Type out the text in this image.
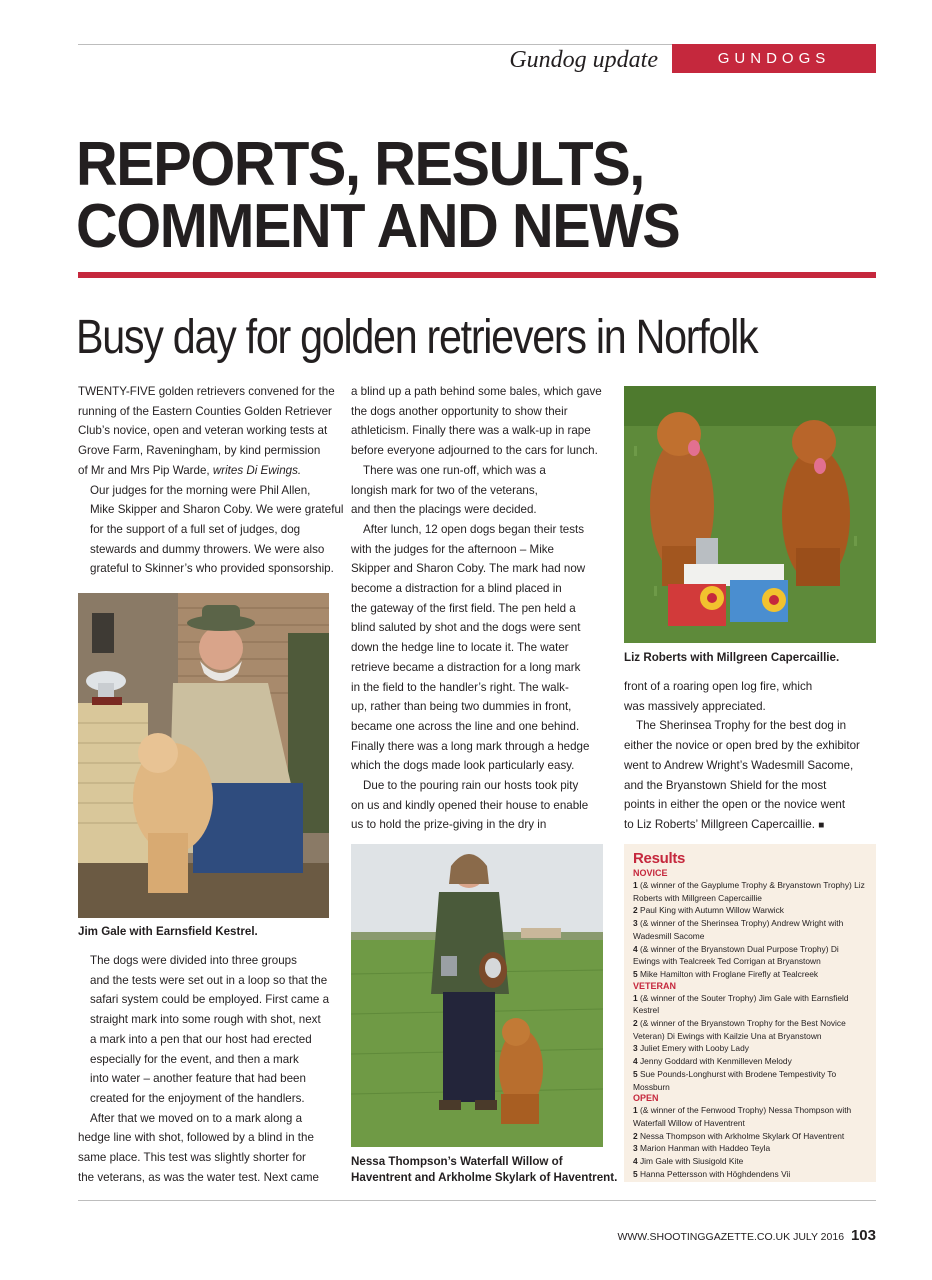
Gundog update	GUNDOGS
REPORTS, RESULTS,
COMMENT AND NEWS
Busy day for golden retrievers in Norfolk

TWENTY-FIVE golden retrievers convened for the
running of the Eastern Counties Golden Retriever
Club’s novice, open and veteran working tests at
Grove Farm, Raveningham, by kind permission
of Mr and Mrs Pip Warde, writes Di Ewings.

Our judges for the morning were Phil Allen,
Mike Skipper and Sharon Coby. We were grateful
for the support of a full set of judges, dog
stewards and dummy throwers. We were also
grateful to Skinner’s who provided sponsorship.

Jim Gale with Earnsfield Kestrel.

The dogs were divided into three groups
and the tests were set out in a loop so that the
safari system could be employed. First came a
straight mark into some rough with shot, next
a mark into a pen that our host had erected
especially for the event, and then a mark
into water – another feature that had been
created for the enjoyment of the handlers.

After that we moved on to a mark along a
hedge line with shot, followed by a blind in the
same place. This test was slightly shorter for
the veterans, as was the water test. Next came

a blind up a path behind some bales, which gave
the dogs another opportunity to show their
athleticism. Finally there was a walk-up in rape
before everyone adjourned to the cars for lunch.

There was one run-off, which was a
longish mark for two of the veterans,
and then the placings were decided.

After lunch, 12 open dogs began their tests
with the judges for the afternoon – Mike
Skipper and Sharon Coby. The mark had now
become a distraction for a blind placed in
the gateway of the first field. The pen held a
blind saluted by shot and the dogs were sent
down the hedge line to locate it. The water
retrieve became a distraction for a long mark
in the field to the handler’s right. The walk-
up, rather than being two dummies in front,
became one across the line and one behind.
Finally there was a long mark through a hedge
which the dogs made look particularly easy.

Due to the pouring rain our hosts took pity
on us and kindly opened their house to enable
us to hold the prize-giving in the dry in

Nessa Thompson’s Waterfall Willow of
Haventrent and Arkholme Skylark of Haventrent.
Liz Roberts with Millgreen Capercaillie.

front of a roaring open log fire, which
was massively appreciated.

The Sherinsea Trophy for the best dog in
either the novice or open bred by the exhibitor
went to Andrew Wright’s Wadesmill Sacome,
and the Bryanstown Shield for the most
points in either the open or the novice went
to Liz Roberts’ Millgreen Capercaillie. ■

Results
NOVICE
1 (& winner of the Gayplume Trophy & Bryanstown Trophy) Liz Roberts with Millgreen Capercaillie
2 Paul King with Autumn Willow Warwick
3 (& winner of the Sherinsea Trophy) Andrew Wright with Wadesmill Sacome
4 (& winner of the Bryanstown Dual Purpose Trophy) Di Ewings with Tealcreek Ted Corrigan at Bryanstown
5 Mike Hamilton with Froglane Firefly at Tealcreek
VETERAN
1 (& winner of the Souter Trophy) Jim Gale with Earnsfield Kestrel
2 (& winner of the Bryanstown Trophy for the Best Novice Veteran) Di Ewings with Kailzie Una at Bryanstown
3 Juliet Emery with Looby Lady
4 Jenny Goddard with Kenmilleven Melody
5 Sue Pounds-Longhurst with Brodene Tempestivity To Mossburn
OPEN
1 (& winner of the Fenwood Trophy) Nessa Thompson with Waterfall Willow of Haventrent
2 Nessa Thompson with Arkholme Skylark Of Haventrent
3 Marion Hanman with Haddeo Teyla
4 Jim Gale with Siusigold Kite
5 Hanna Pettersson with Höghdendens Vii
WWW.SHOOTINGGAZETTE.CO.UK JULY 2016 103
